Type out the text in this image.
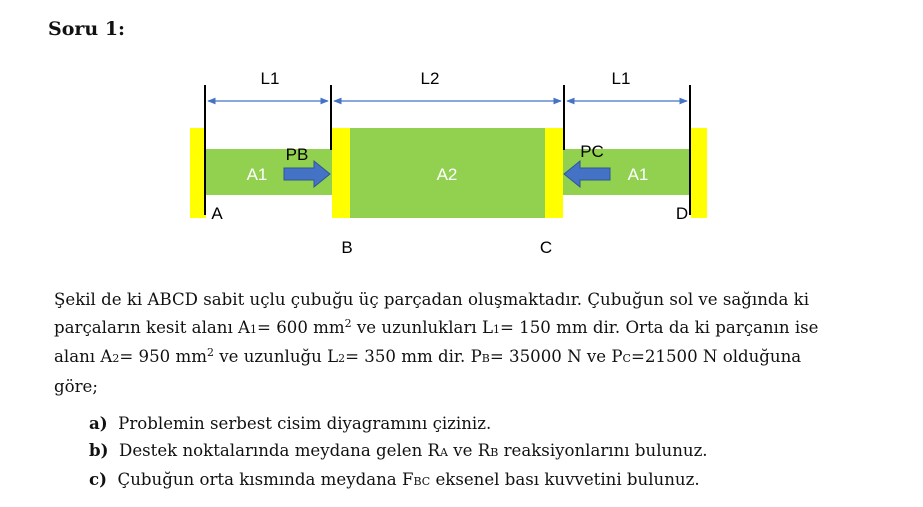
Soru 1:
L1	L2	L1
PB	PC
A1	A2	A1
A
B	C
D

Şekil de ki ABCD sabit uçlu çubuğu üç parçadan oluşmaktadır. Çubuğun sol ve sağında ki

parçaların kesit alanı A1= 600 $mm^2$ ve uzunlukları L1= 150 mm dir. Orta da ki parçanın ise

alanı A2= 950 $mm^2$ ve uzunluğu L2= 350 mm dir. PB= 35000 N ve PC=21500 N olduğuna

göre;

a) Problemin serbest cisim diyagramını çiziniz.
b) Destek noktalarında meydana gelen RA ve RB reaksiyonlarını bulunuz.
c) Çubuğun orta kısmında meydana FBC eksenel bası kuvvetini bulunuz.
